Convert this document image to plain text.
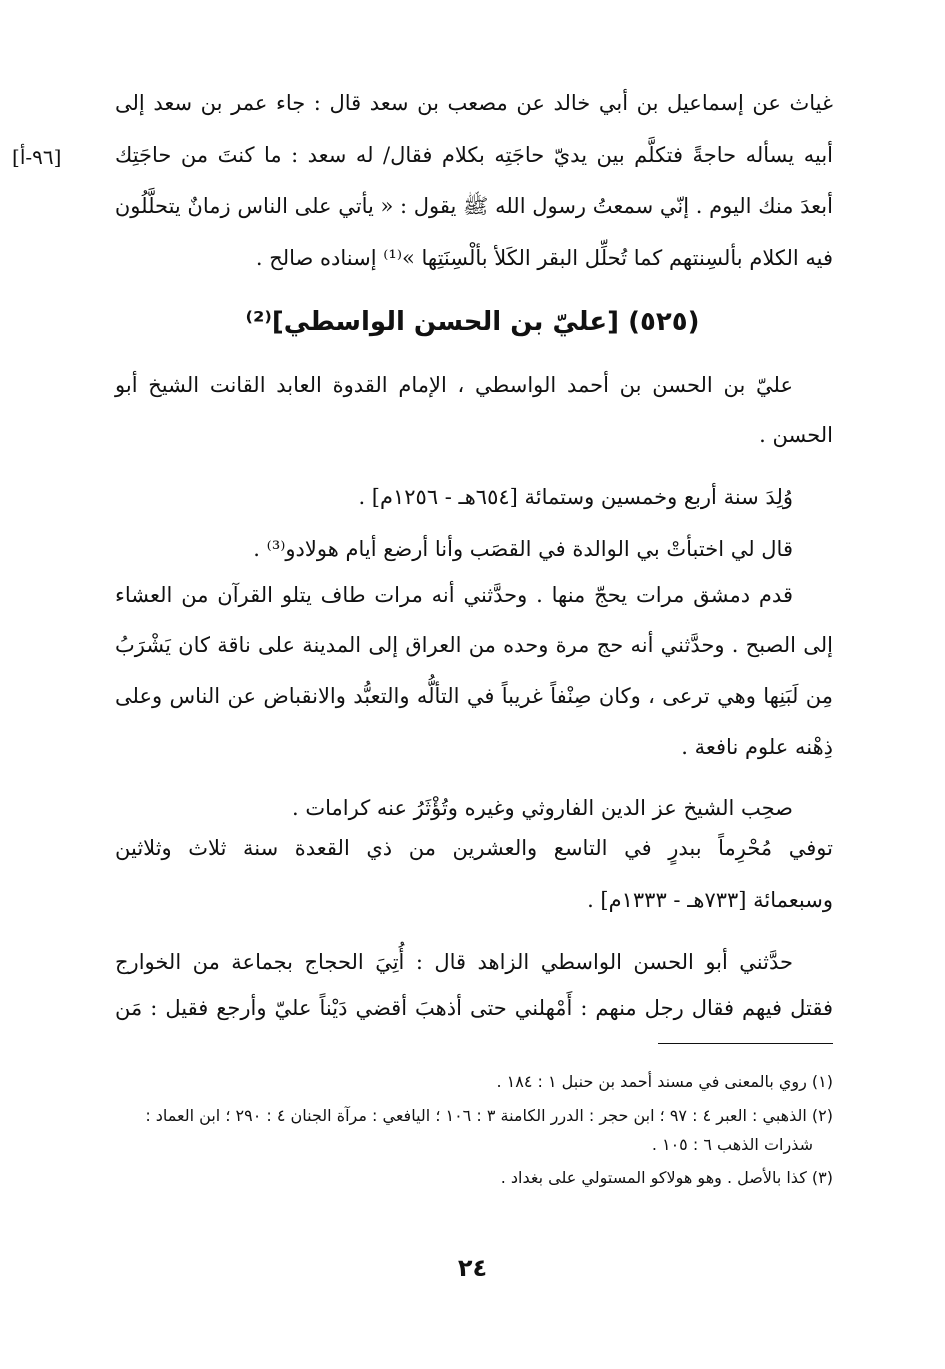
[٩٦-أ]
غياث عن إسماعيل بن أبي خالد عن مصعب بن سعد قال : جاء عمر بن سعد إلى
أبيه يسأله حاجةً فتكلَّم بين يديّ حاجَتِه بكلام فقال/ له سعد : ما كنتَ من حاجَتِك
أبعدَ منك اليوم . إنّي سمعتُ رسول الله ﷺ يقول : « يأتي على الناس زمانٌ يتحلَّلُون
فيه الكلام بألسِنتهم كما تُحلِّل البقر الكَلأ بألْسِنَتِها »⁽¹⁾ إسناده صالح .
(٥٢٥) [عليّ بن الحسن الواسطي]⁽²⁾
عليّ بن الحسن بن أحمد الواسطي ، الإمام القدوة العابد القانت الشيخ أبو
الحسن .
وُلِدَ سنة أربع وخمسين وستمائة [٦٥٤هـ - ١٢٥٦م] .
قال لي اختبأتْ بي الوالدة في القصَب وأنا أرضع أيام هولادو⁽³⁾ .
قدم دمشق مرات يحجّ منها . وحدَّثني أنه مرات طاف يتلو القرآن من العشاء
إلى الصبح . وحدَّثني أنه حج مرة وحده من العراق إلى المدينة على ناقة كان يَشْرَبُ
مِن لَبَنِها وهي ترعى ، وكان صِنْفاً غريباً في التألُّه والتعبُّد والانقباض عن الناس وعلى
ذِهْنه علوم نافعة .
صحِب الشيخ عز الدين الفاروثي وغيره وتُؤْثَرُ عنه كرامات .
توفي مُحْرِماً ببدرٍ في التاسع والعشرين من ذي القعدة سنة ثلاث وثلاثين
وسبعمائة [٧٣٣هـ - ١٣٣٣م] .
حدَّثني أبو الحسن الواسطي الزاهد قال : أُتِيَ الحجاج بجماعة من الخوارج
فقتل فيهم فقال رجل منهم : أَمْهلني حتى أذهبَ أقضي دَيْناً عليّ وأرجع فقيل : مَن
(١) روي بالمعنى في مسند أحمد بن حنبل ١ : ١٨٤ .
(٢) الذهبي : العبر ٤ : ٩٧ ؛ ابن حجر : الدرر الكامنة ٣ : ١٠٦ ؛ اليافعي : مرآة الجنان ٤ : ٢٩٠ ؛ ابن العماد :
شذرات الذهب ٦ : ١٠٥ .
(٣) كذا بالأصل . وهو هولاكو المستولي على بغداد .
٢٤
